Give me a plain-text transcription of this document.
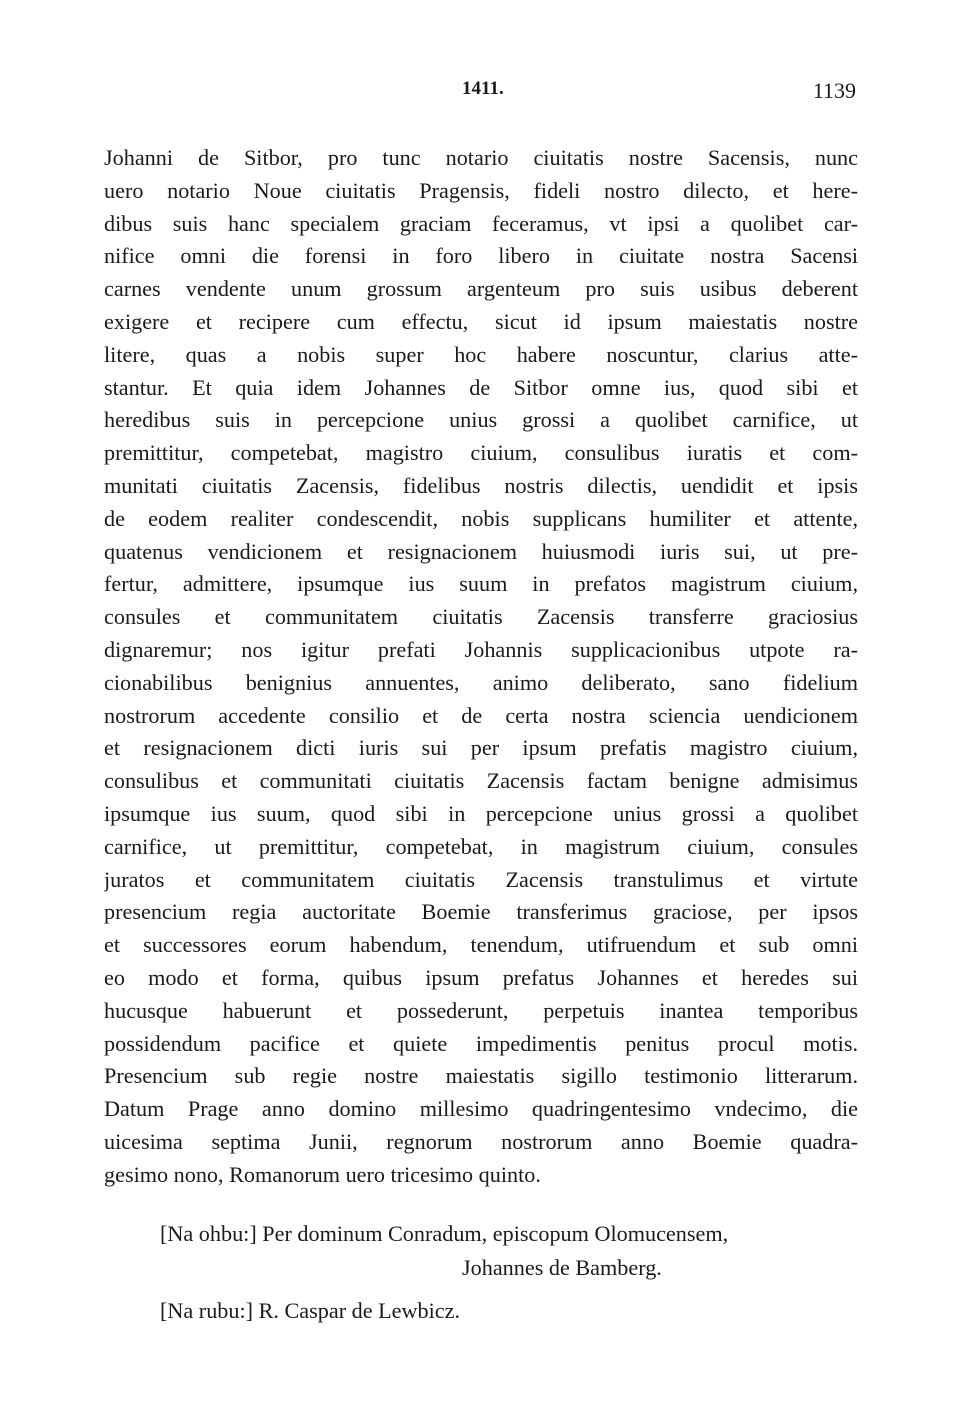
1411.	1139
Johanni de Sitbor, pro tunc notario ciuitatis nostre Sacensis, nunc
uero notario Noue ciuitatis Pragensis, fideli nostro dilecto, et here-
dibus suis hanc specialem graciam feceramus, vt ipsi a quolibet car-
nifice omni die forensi in foro libero in ciuitate nostra Sacensi
carnes vendente unum grossum argenteum pro suis usibus deberent
exigere et recipere cum effectu, sicut id ipsum maiestatis nostre
litere, quas a nobis super hoc habere noscuntur, clarius atte-
stantur. Et quia idem Johannes de Sitbor omne ius, quod sibi et
heredibus suis in percepcione unius grossi a quolibet carnifice, ut
premittitur, competebat, magistro ciuium, consulibus iuratis et com-
munitati ciuitatis Zacensis, fidelibus nostris dilectis, uendidit et ipsis
de eodem realiter condescendit, nobis supplicans humiliter et attente,
quatenus vendicionem et resignacionem huiusmodi iuris sui, ut pre-
fertur, admittere, ipsumque ius suum in prefatos magistrum ciuium,
consules et communitatem ciuitatis Zacensis transferre graciosius
dignaremur; nos igitur prefati Johannis supplicacionibus utpote ra-
cionabilibus benignius annuentes, animo deliberato, sano fidelium
nostrorum accedente consilio et de certa nostra sciencia uendicionem
et resignacionem dicti iuris sui per ipsum prefatis magistro ciuium,
consulibus et communitati ciuitatis Zacensis factam benigne admisimus
ipsumque ius suum, quod sibi in percepcione unius grossi a quolibet
carnifice, ut premittitur, competebat, in magistrum ciuium, consules
juratos et communitatem ciuitatis Zacensis transtulimus et virtute
presencium regia auctoritate Boemie transferimus graciose, per ipsos
et successores eorum habendum, tenendum, utifruendum et sub omni
eo modo et forma, quibus ipsum prefatus Johannes et heredes sui
hucusque habuerunt et possederunt, perpetuis inantea temporibus
possidendum pacifice et quiete impedimentis penitus procul motis.
Presencium sub regie nostre maiestatis sigillo testimonio litterarum.
Datum Prage anno domino millesimo quadringentesimo vndecimo, die
uicesima septima Junii, regnorum nostrorum anno Boemie quadra-
gesimo nono, Romanorum uero tricesimo quinto.
[Na ohbu:] Per dominum Conradum, episcopum Olomucensem,
Johannes de Bamberg.
[Na rubu:] R. Caspar de Lewbicz.
